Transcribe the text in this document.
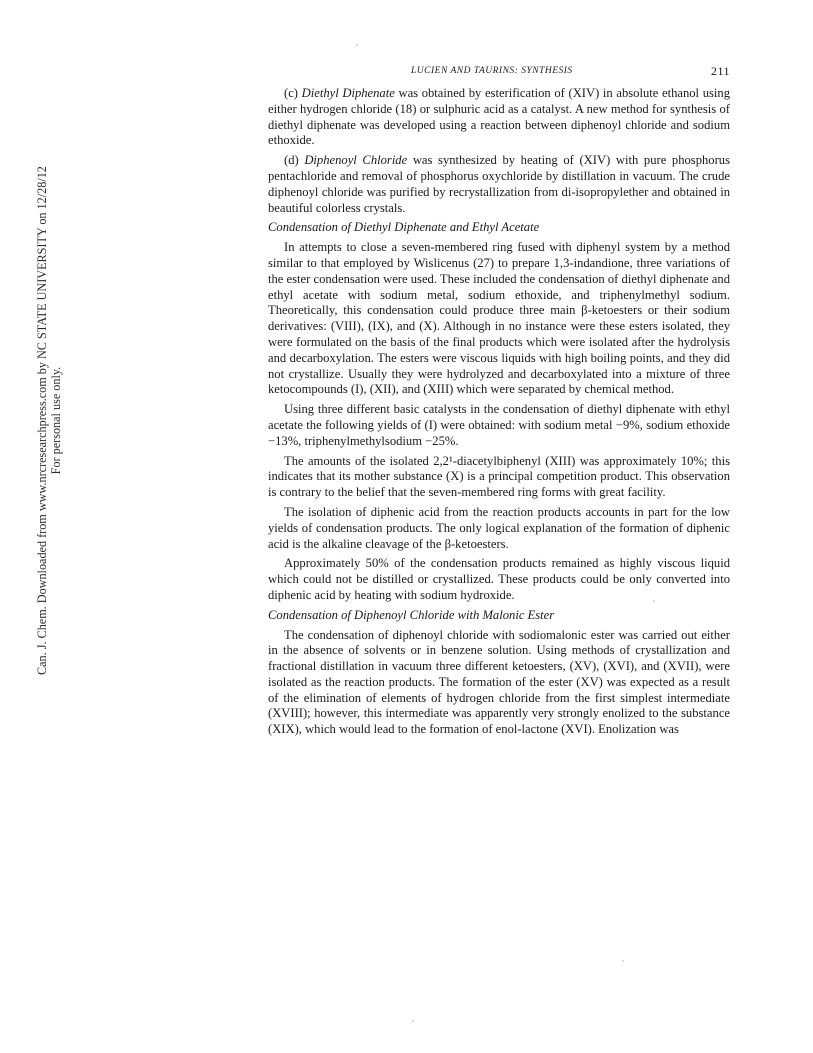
LUCIEN AND TAURINS: SYNTHESIS	211
Can. J. Chem. Downloaded from www.nrcresearchpress.com by NC STATE UNIVERSITY on 12/28/12 For personal use only.

(c) Diethyl Diphenate was obtained by esterification of (XIV) in absolute ethanol using either hydrogen chloride (18) or sulphuric acid as a catalyst. A new method for synthesis of diethyl diphenate was developed using a reaction between diphenoyl chloride and sodium ethoxide.

(d) Diphenoyl Chloride was synthesized by heating of (XIV) with pure phosphorus pentachloride and removal of phosphorus oxychloride by distillation in vacuum. The crude diphenoyl chloride was purified by recrystallization from di-isopropylether and obtained in beautiful colorless crystals.

Condensation of Diethyl Diphenate and Ethyl Acetate

In attempts to close a seven-membered ring fused with diphenyl system by a method similar to that employed by Wislicenus (27) to prepare 1,3-indandione, three variations of the ester condensation were used. These included the condensation of diethyl diphenate and ethyl acetate with sodium metal, sodium ethoxide, and triphenylmethyl sodium. Theoretically, this condensation could produce three main β-ketoesters or their sodium derivatives: (VIII), (IX), and (X). Although in no instance were these esters isolated, they were formulated on the basis of the final products which were isolated after the hydrolysis and decarboxylation. The esters were viscous liquids with high boiling points, and they did not crystallize. Usually they were hydrolyzed and decarboxylated into a mixture of three ketocompounds (I), (XII), and (XIII) which were separated by chemical method.

Using three different basic catalysts in the condensation of diethyl diphenate with ethyl acetate the following yields of (I) were obtained: with sodium metal −9%, sodium ethoxide −13%, triphenylmethylsodium −25%.

The amounts of the isolated 2,2¹-diacetylbiphenyl (XIII) was approximately 10%; this indicates that its mother substance (X) is a principal competition product. This observation is contrary to the belief that the seven-membered ring forms with great facility.

The isolation of diphenic acid from the reaction products accounts in part for the low yields of condensation products. The only logical explanation of the formation of diphenic acid is the alkaline cleavage of the β-ketoesters.

Approximately 50% of the condensation products remained as highly viscous liquid which could not be distilled or crystallized. These products could be only converted into diphenic acid by heating with sodium hydroxide.

Condensation of Diphenoyl Chloride with Malonic Ester

The condensation of diphenoyl chloride with sodiomalonic ester was carried out either in the absence of solvents or in benzene solution. Using methods of crystallization and fractional distillation in vacuum three different ketoesters, (XV), (XVI), and (XVII), were isolated as the reaction products. The formation of the ester (XV) was expected as a result of the elimination of elements of hydrogen chloride from the first simplest intermediate (XVIII); however, this intermediate was apparently very strongly enolized to the substance (XIX), which would lead to the formation of enol-lactone (XVI). Enolization was
